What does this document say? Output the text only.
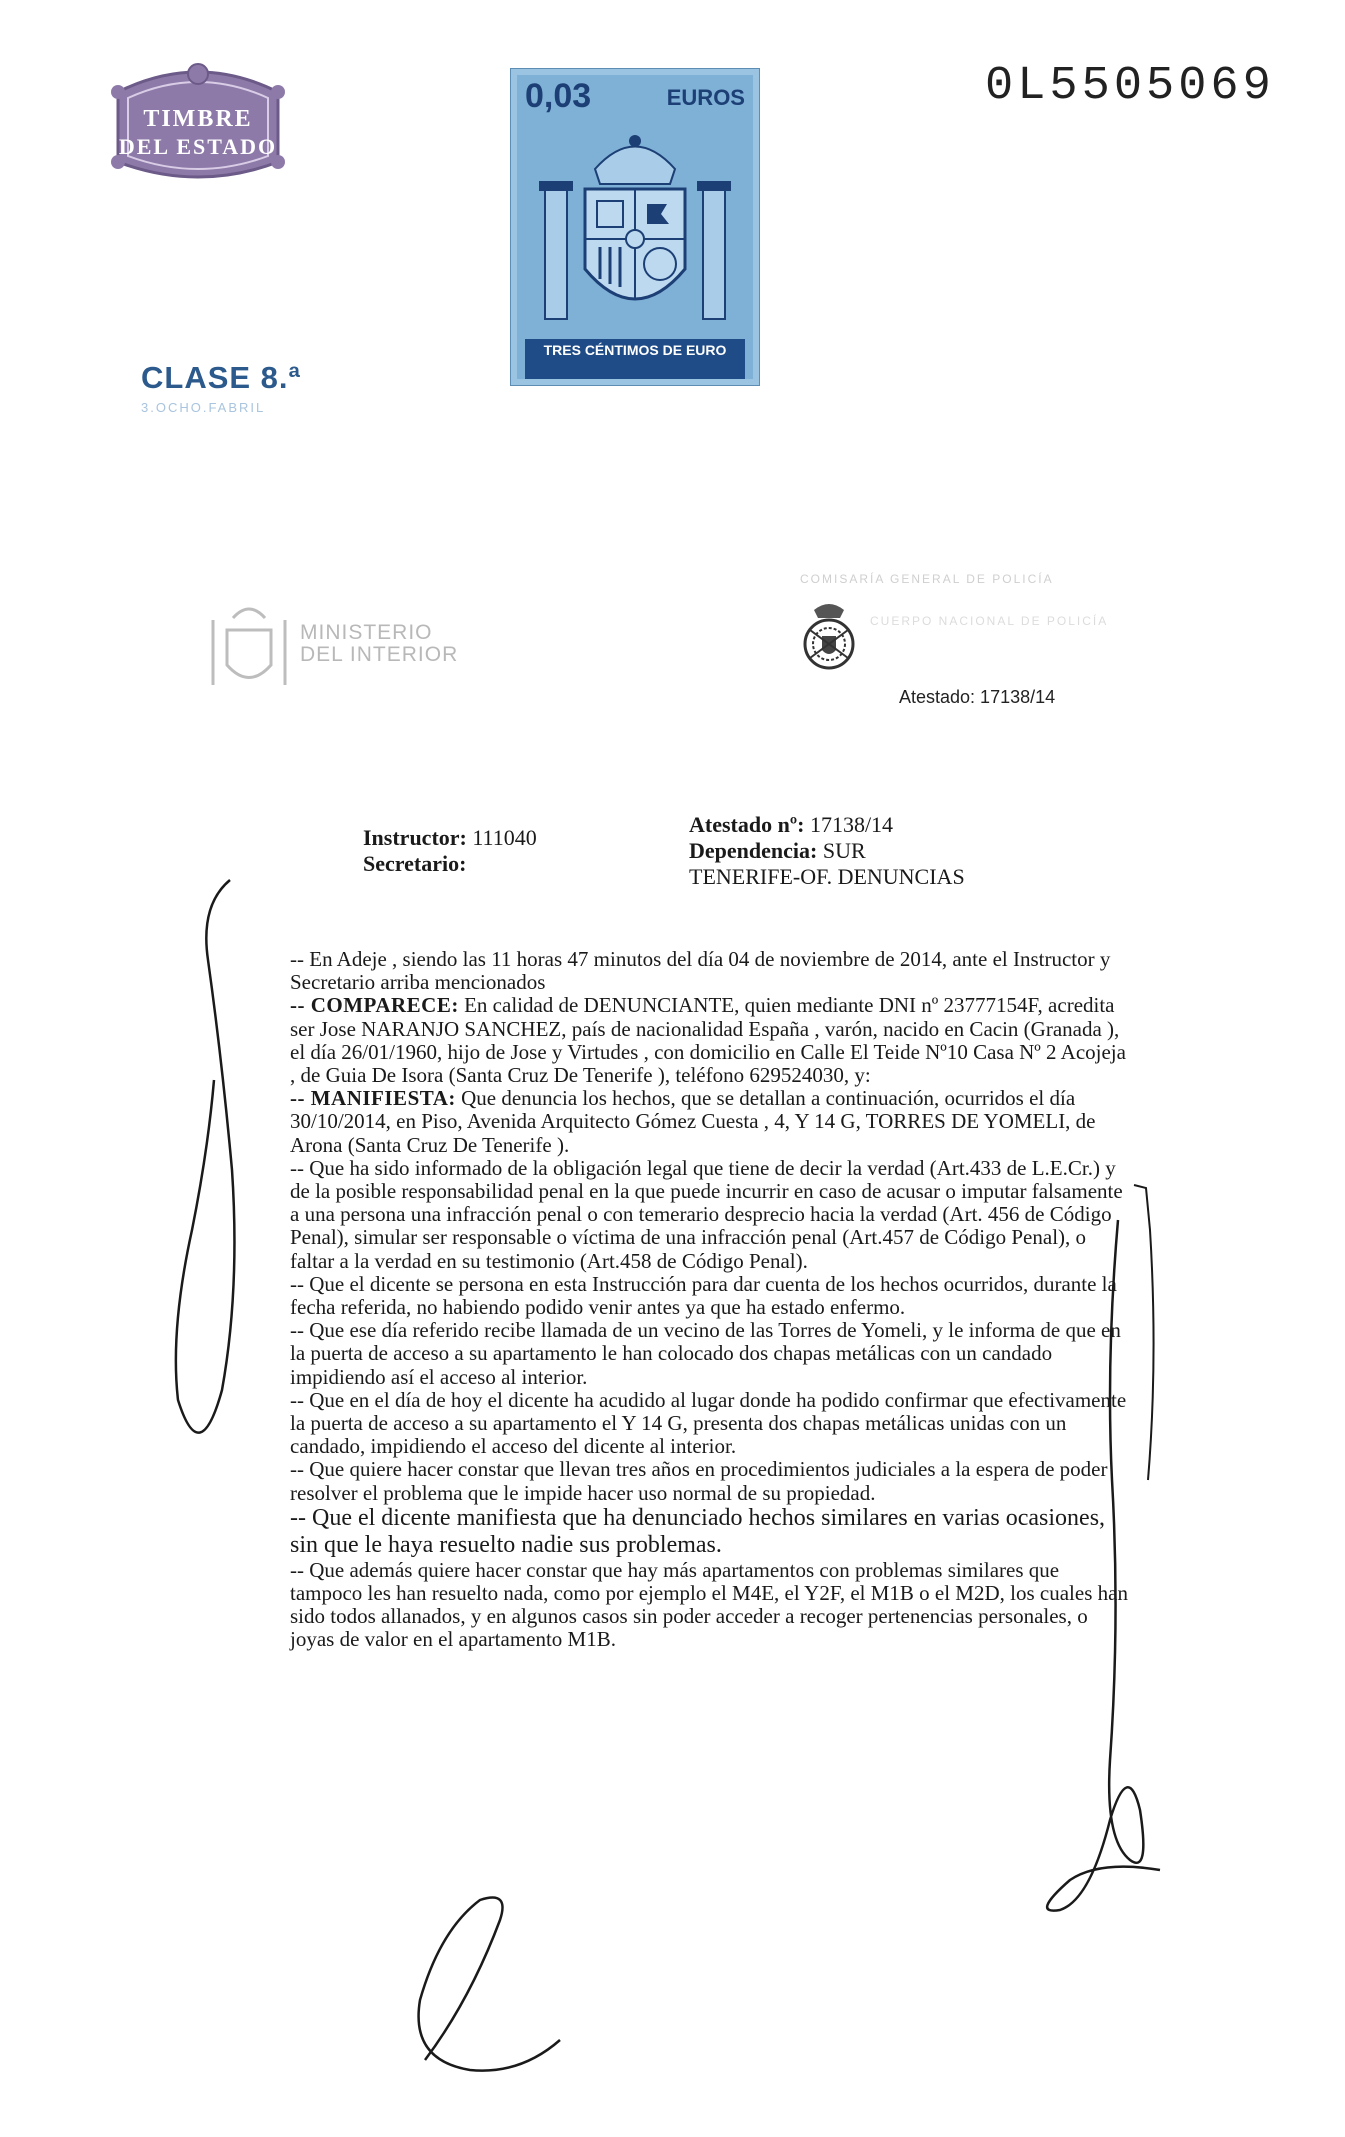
TIMBRE
DEL ESTADO
0,03	EUROS
TRES CÉNTIMOS DE EURO
0L5505069
CLASE 8.ª
3.OCHO.FABRIL
MINISTERIO
DEL INTERIOR
COMISARÍA GENERAL DE POLICÍA
CUERPO NACIONAL DE POLICÍA
Atestado: 17138/14
Instructor: 111040
Secretario:
Atestado nº: 17138/14
Dependencia: SUR
TENERIFE-OF. DENUNCIAS

-- En Adeje , siendo las 11 horas 47 minutos del día 04 de noviembre de 2014, ante el Instructor y Secretario arriba mencionados

-- COMPARECE: En calidad de DENUNCIANTE, quien mediante DNI nº 23777154F, acredita ser Jose NARANJO SANCHEZ, país de nacionalidad España , varón, nacido en Cacin (Granada ), el día 26/01/1960, hijo de Jose y Virtudes , con domicilio en Calle El Teide Nº10 Casa Nº 2 Acojeja , de Guia De Isora (Santa Cruz De Tenerife ), teléfono 629524030, y:

-- MANIFIESTA: Que denuncia los hechos, que se detallan a continuación, ocurridos el día 30/10/2014, en Piso, Avenida Arquitecto Gómez Cuesta , 4, Y 14 G, TORRES DE YOMELI, de Arona (Santa Cruz De Tenerife ).

-- Que ha sido informado de la obligación legal que tiene de decir la verdad (Art.433 de L.E.Cr.) y de la posible responsabilidad penal en la que puede incurrir en caso de acusar o imputar falsamente a una persona una infracción penal o con temerario desprecio hacia la verdad (Art. 456 de Código Penal), simular ser responsable o víctima de una infracción penal (Art.457 de Código Penal), o faltar a la verdad en su testimonio (Art.458 de Código Penal).

-- Que el dicente se persona en esta Instrucción para dar cuenta de los hechos ocurridos, durante la fecha referida, no habiendo podido venir antes ya que ha estado enfermo.

-- Que ese día referido recibe llamada de un vecino de las Torres de Yomeli, y le informa de que en la puerta de acceso a su apartamento le han colocado dos chapas metálicas con un candado impidiendo así el acceso al interior.

-- Que en el día de hoy el dicente ha acudido al lugar donde ha podido confirmar que efectivamente la puerta de acceso a su apartamento el Y 14 G, presenta dos chapas metálicas unidas con un candado, impidiendo el acceso del dicente al interior.

-- Que quiere hacer constar que llevan tres años en procedimientos judiciales a la espera de poder resolver el problema que le impide hacer uso normal de su propiedad.

-- Que el dicente manifiesta que ha denunciado hechos similares en varias ocasiones, sin que le haya resuelto nadie sus problemas.

-- Que además quiere hacer constar que hay más apartamentos con problemas similares que tampoco les han resuelto nada, como por ejemplo el M4E, el Y2F, el M1B o el M2D, los cuales han sido todos allanados, y en algunos casos sin poder acceder a recoger pertenencias personales, o joyas de valor en el apartamento M1B.
